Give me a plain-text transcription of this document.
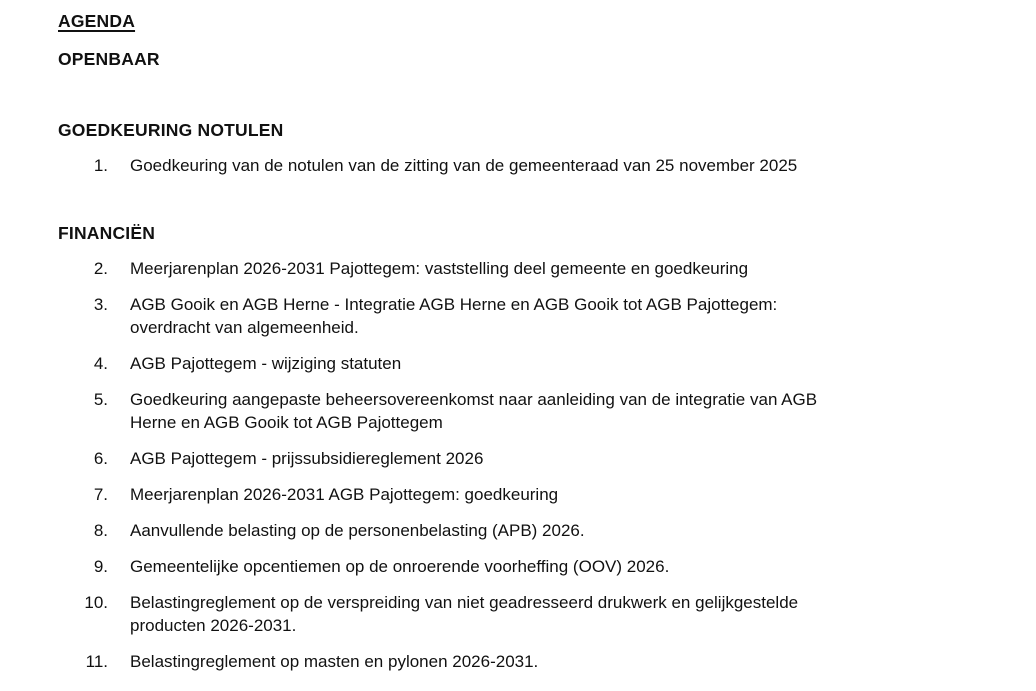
AGENDA
OPENBAAR
GOEDKEURING NOTULEN
1. Goedkeuring van de notulen van de zitting van de gemeenteraad van 25 november 2025
FINANCIËN
2. Meerjarenplan 2026-2031 Pajottegem: vaststelling deel gemeente en goedkeuring
3. AGB Gooik en AGB Herne - Integratie AGB Herne en AGB Gooik tot AGB Pajottegem:
overdracht van algemeenheid.
4. AGB Pajottegem - wijziging statuten
5. Goedkeuring aangepaste beheersovereenkomst naar aanleiding van de integratie van AGB
Herne en AGB Gooik tot AGB Pajottegem
6. AGB Pajottegem - prijssubsidiereglement 2026
7. Meerjarenplan 2026-2031 AGB Pajottegem: goedkeuring
8. Aanvullende belasting op de personenbelasting (APB) 2026.
9. Gemeentelijke opcentiemen op de onroerende voorheffing (OOV) 2026.
10. Belastingreglement op de verspreiding van niet geadresseerd drukwerk en gelijkgestelde
producten 2026-2031.
11. Belastingreglement op masten en pylonen 2026-2031.
